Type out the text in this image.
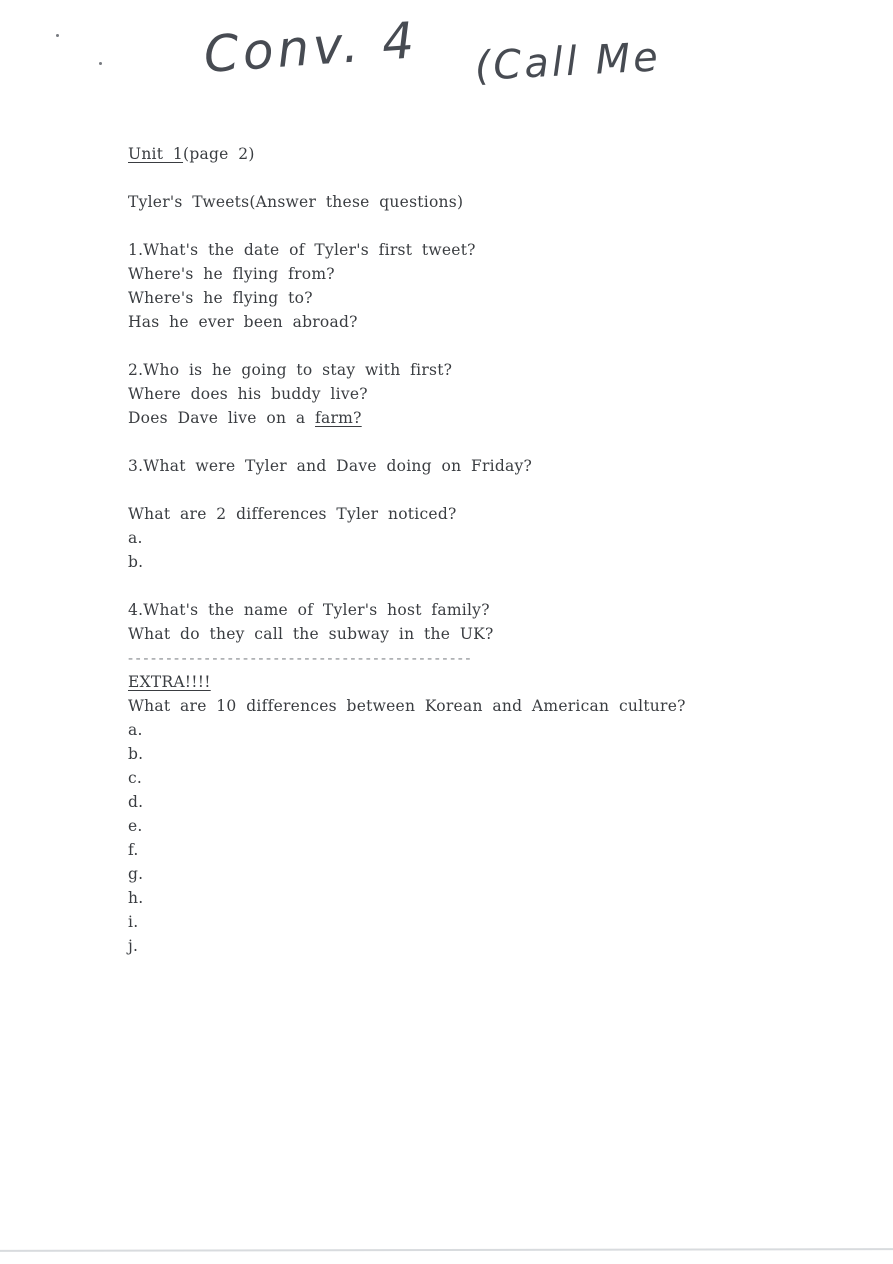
Conv. 4 (Call Me
Unit 1(page 2)
Tyler's Tweets(Answer these questions)
1.What's the date of Tyler's first tweet?
Where's he flying from?
Where's he flying to?
Has he ever been abroad?
2.Who is he going to stay with first?
Where does his buddy live?
Does Dave live on a farm?
3.What were Tyler and Dave doing on Friday?
What are 2 differences Tyler noticed?
a.
b.
4.What's the name of Tyler's host family?
What do they call the subway in the UK?
---------------------------------------------
EXTRA!!!!
What are 10 differences between Korean and American culture?
a.
b.
c.
d.
e.
f.
g.
h.
i.
j.
